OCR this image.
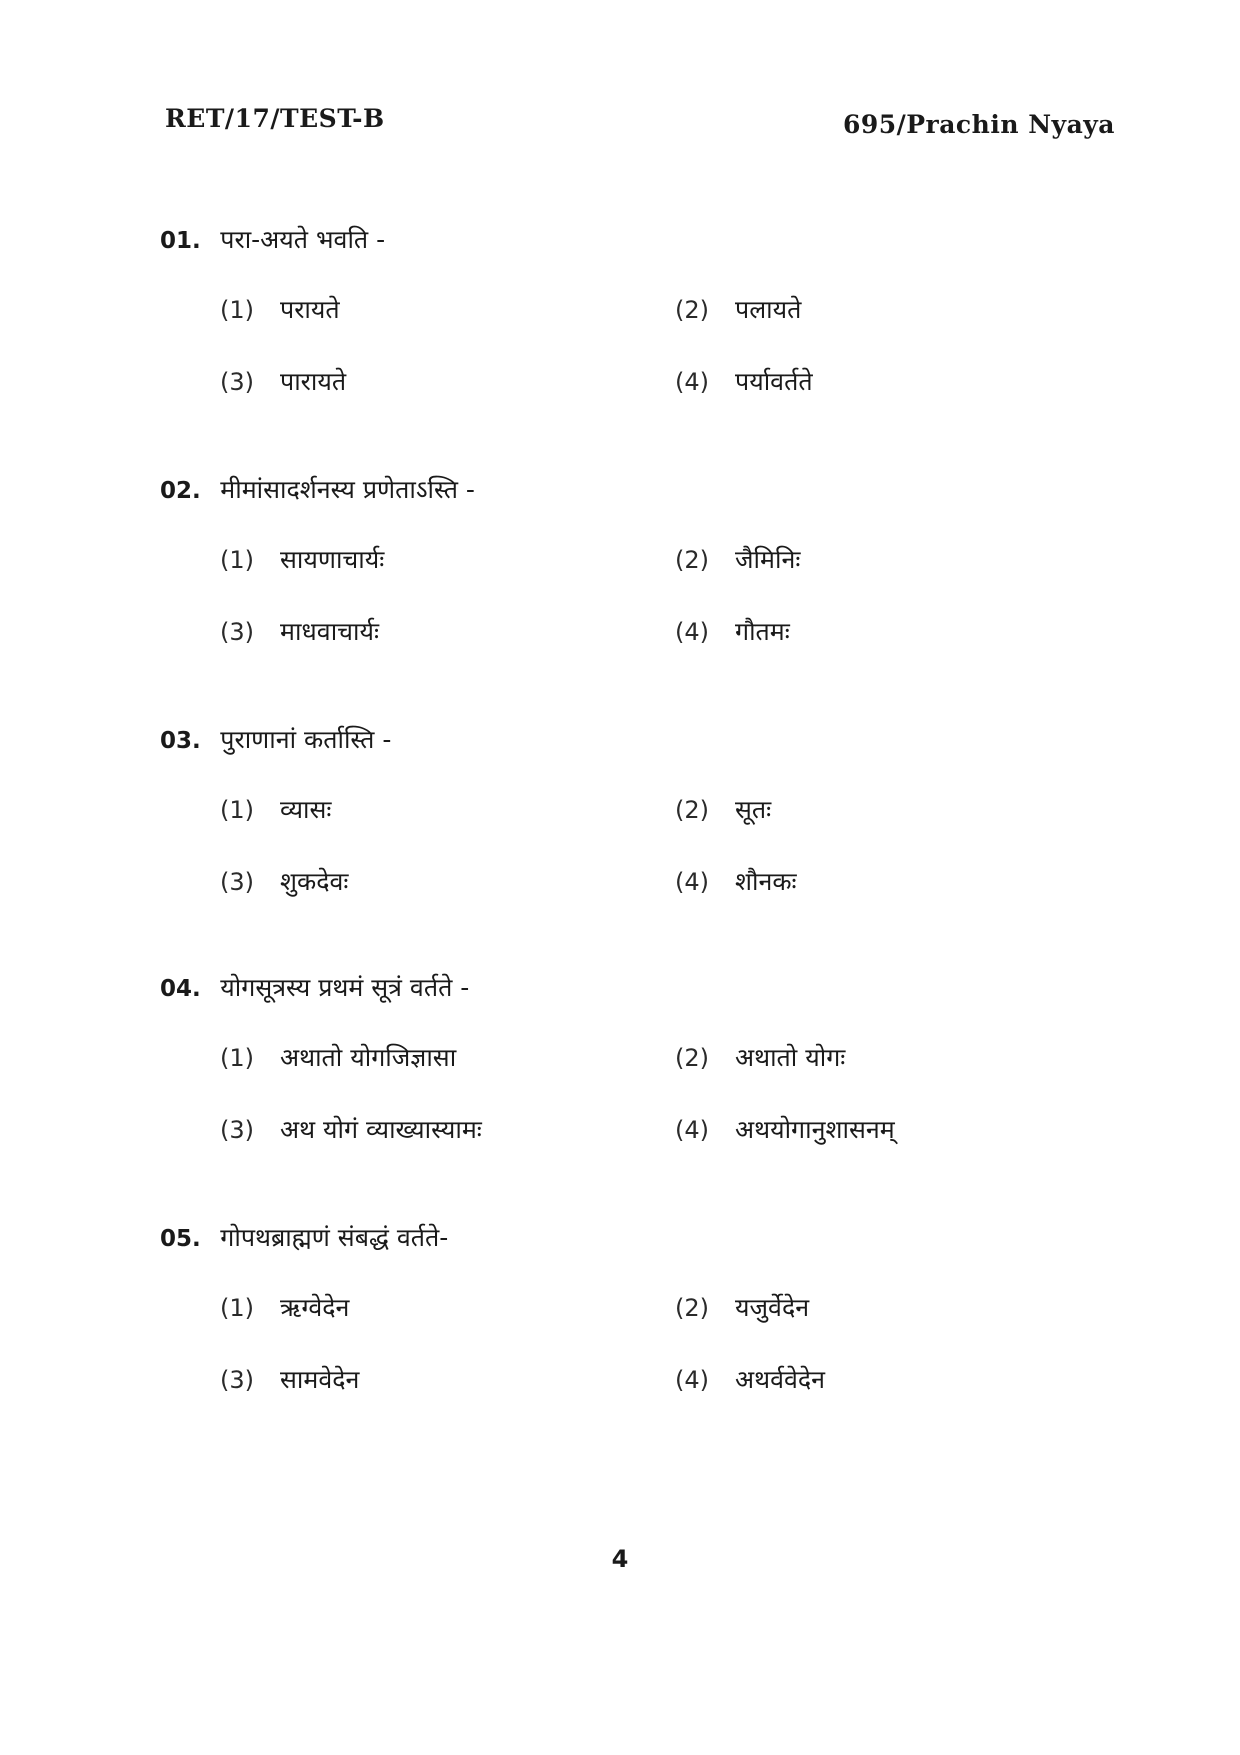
RET/17/TEST-B	695/Prachin Nyaya
01. परा-अयते भवति -
(1) परायते	(2) पलायते
(3) पारायते	(4) पर्यावर्तते
02. मीमांसादर्शनस्य प्रणेताऽस्ति -
(1) सायणाचार्यः	(2) जैमिनिः
(3) माधवाचार्यः	(4) गौतमः
03. पुराणानां कर्तास्ति -
(1) व्यासः	(2) सूतः
(3) शुकदेवः	(4) शौनकः
04. योगसूत्रस्य प्रथमं सूत्रं वर्तते -
(1) अथातो योगजिज्ञासा	(2) अथातो योगः
(3) अथ योगं व्याख्यास्यामः	(4) अथयोगानुशासनम्
05. गोपथब्राह्मणं संबद्धं वर्तते-
(1) ऋग्वेदेन	(2) यजुर्वेदेन
(3) सामवेदेन	(4) अथर्ववेदेन
4
